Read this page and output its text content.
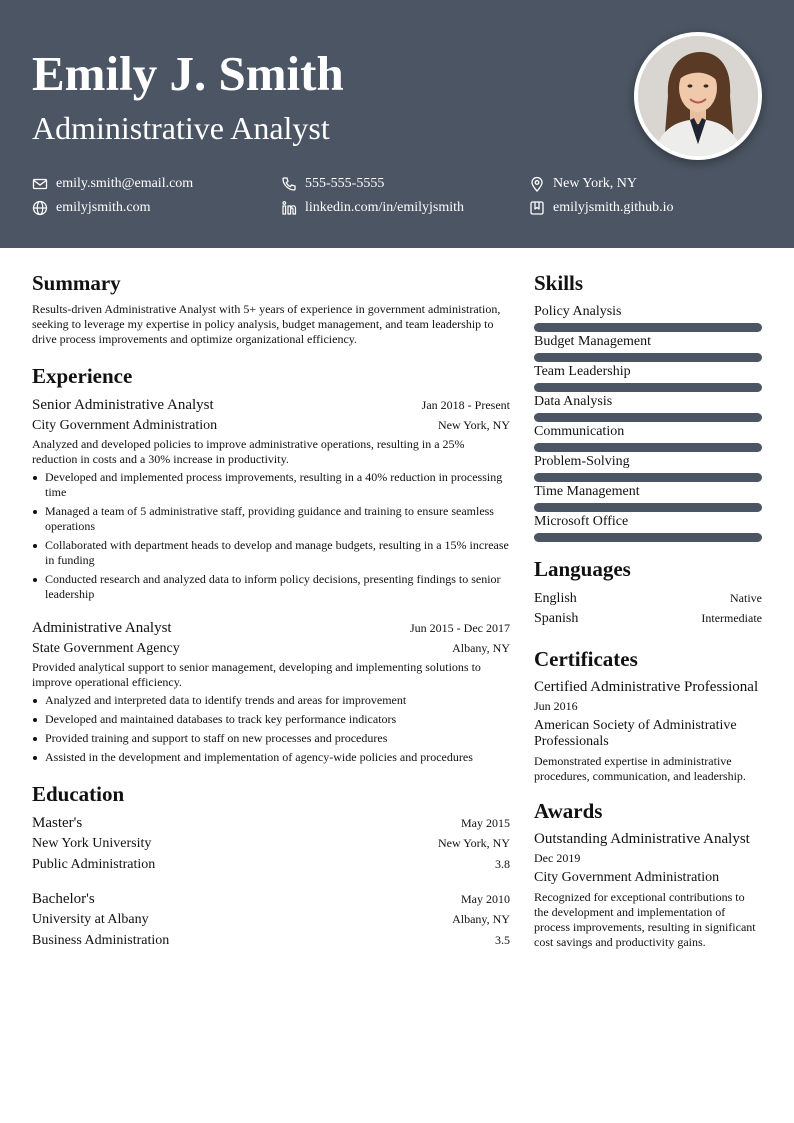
Emily J. Smith
Administrative Analyst
emily.smith@email.com	555-555-5555	New York, NY
emilyjsmith.com	linkedin.com/in/emilyjsmith	emilyjsmith.github.io
Summary

Results-driven Administrative Analyst with 5+ years of experience in government administration, seeking to leverage my expertise in policy analysis, budget management, and team leadership to drive process improvements and optimize organizational efficiency.

Experience
Senior Administrative Analyst	Jan 2018 - Present
City Government Administration	New York, NY

Analyzed and developed policies to improve administrative operations, resulting in a 25% reduction in costs and a 30% increase in productivity.

Developed and implemented process improvements, resulting in a 40% reduction in processing time
Managed a team of 5 administrative staff, providing guidance and training to ensure seamless operations
Collaborated with department heads to develop and manage budgets, resulting in a 15% increase in funding
Conducted research and analyzed data to inform policy decisions, presenting findings to senior leadership
Administrative Analyst	Jun 2015 - Dec 2017
State Government Agency	Albany, NY

Provided analytical support to senior management, developing and implementing solutions to improve operational efficiency.

Analyzed and interpreted data to identify trends and areas for improvement
Developed and maintained databases to track key performance indicators
Provided training and support to staff on new processes and procedures
Assisted in the development and implementation of agency-wide policies and procedures
Education
Master's	May 2015
New York University	New York, NY
Public Administration	3.8
Bachelor's	May 2010
University at Albany	Albany, NY
Business Administration	3.5
Skills
Policy Analysis
Budget Management
Team Leadership
Data Analysis
Communication
Problem-Solving
Time Management
Microsoft Office
Languages
English	Native
Spanish	Intermediate
Certificates
Certified Administrative Professional
Jun 2016
American Society of Administrative Professionals

Demonstrated expertise in administrative procedures, communication, and leadership.

Awards
Outstanding Administrative Analyst
Dec 2019
City Government Administration

Recognized for exceptional contributions to the development and implementation of process improvements, resulting in significant cost savings and productivity gains.
